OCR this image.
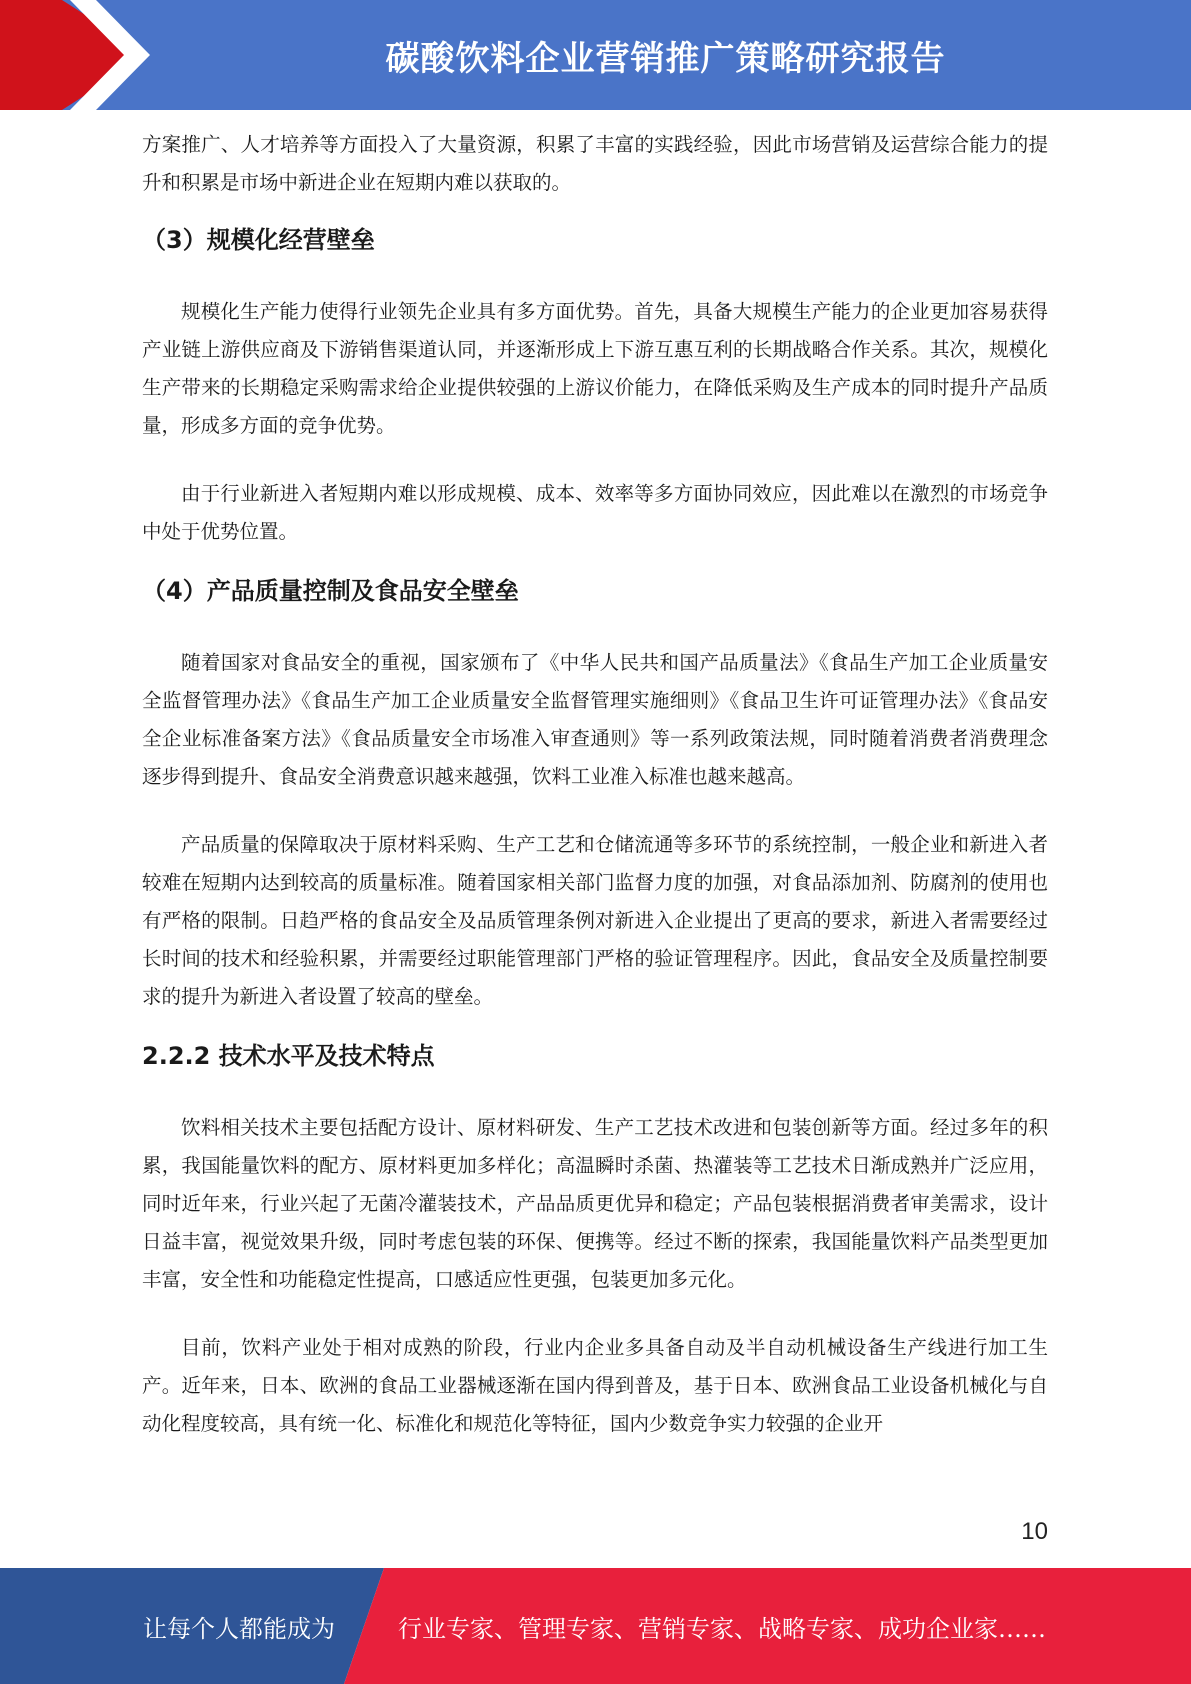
碳酸饮料企业营销推广策略研究报告

方案推广、人才培养等方面投入了大量资源，积累了丰富的实践经验，因此市场营销及运营综合能力的提升和积累是市场中新进企业在短期内难以获取的。

（3）规模化经营壁垒

规模化生产能力使得行业领先企业具有多方面优势。首先，具备大规模生产能力的企业更加容易获得产业链上游供应商及下游销售渠道认同，并逐渐形成上下游互惠互利的长期战略合作关系。其次，规模化生产带来的长期稳定采购需求给企业提供较强的上游议价能力，在降低采购及生产成本的同时提升产品质量，形成多方面的竞争优势。

由于行业新进入者短期内难以形成规模、成本、效率等多方面协同效应，因此难以在激烈的市场竞争中处于优势位置。

（4）产品质量控制及食品安全壁垒

随着国家对食品安全的重视，国家颁布了《中华人民共和国产品质量法》《食品生产加工企业质量安全监督管理办法》《食品生产加工企业质量安全监督管理实施细则》《食品卫生许可证管理办法》《食品安全企业标准备案方法》《食品质量安全市场准入审查通则》等一系列政策法规，同时随着消费者消费理念逐步得到提升、食品安全消费意识越来越强，饮料工业准入标准也越来越高。

产品质量的保障取决于原材料采购、生产工艺和仓储流通等多环节的系统控制，一般企业和新进入者较难在短期内达到较高的质量标准。随着国家相关部门监督力度的加强，对食品添加剂、防腐剂的使用也有严格的限制。日趋严格的食品安全及品质管理条例对新进入企业提出了更高的要求，新进入者需要经过长时间的技术和经验积累，并需要经过职能管理部门严格的验证管理程序。因此，食品安全及质量控制要求的提升为新进入者设置了较高的壁垒。

2.2.2 技术水平及技术特点

饮料相关技术主要包括配方设计、原材料研发、生产工艺技术改进和包装创新等方面。经过多年的积累，我国能量饮料的配方、原材料更加多样化；高温瞬时杀菌、热灌装等工艺技术日渐成熟并广泛应用，同时近年来，行业兴起了无菌冷灌装技术，产品品质更优异和稳定；产品包装根据消费者审美需求，设计日益丰富，视觉效果升级，同时考虑包装的环保、便携等。经过不断的探索，我国能量饮料产品类型更加丰富，安全性和功能稳定性提高，口感适应性更强，包装更加多元化。

目前，饮料产业处于相对成熟的阶段，行业内企业多具备自动及半自动机械设备生产线进行加工生产。近年来，日本、欧洲的食品工业器械逐渐在国内得到普及，基于日本、欧洲食品工业设备机械化与自动化程度较高，具有统一化、标准化和规范化等特征，国内少数竞争实力较强的企业开

10
让每个人都能成为	行业专家、管理专家、营销专家、战略专家、成功企业家……
